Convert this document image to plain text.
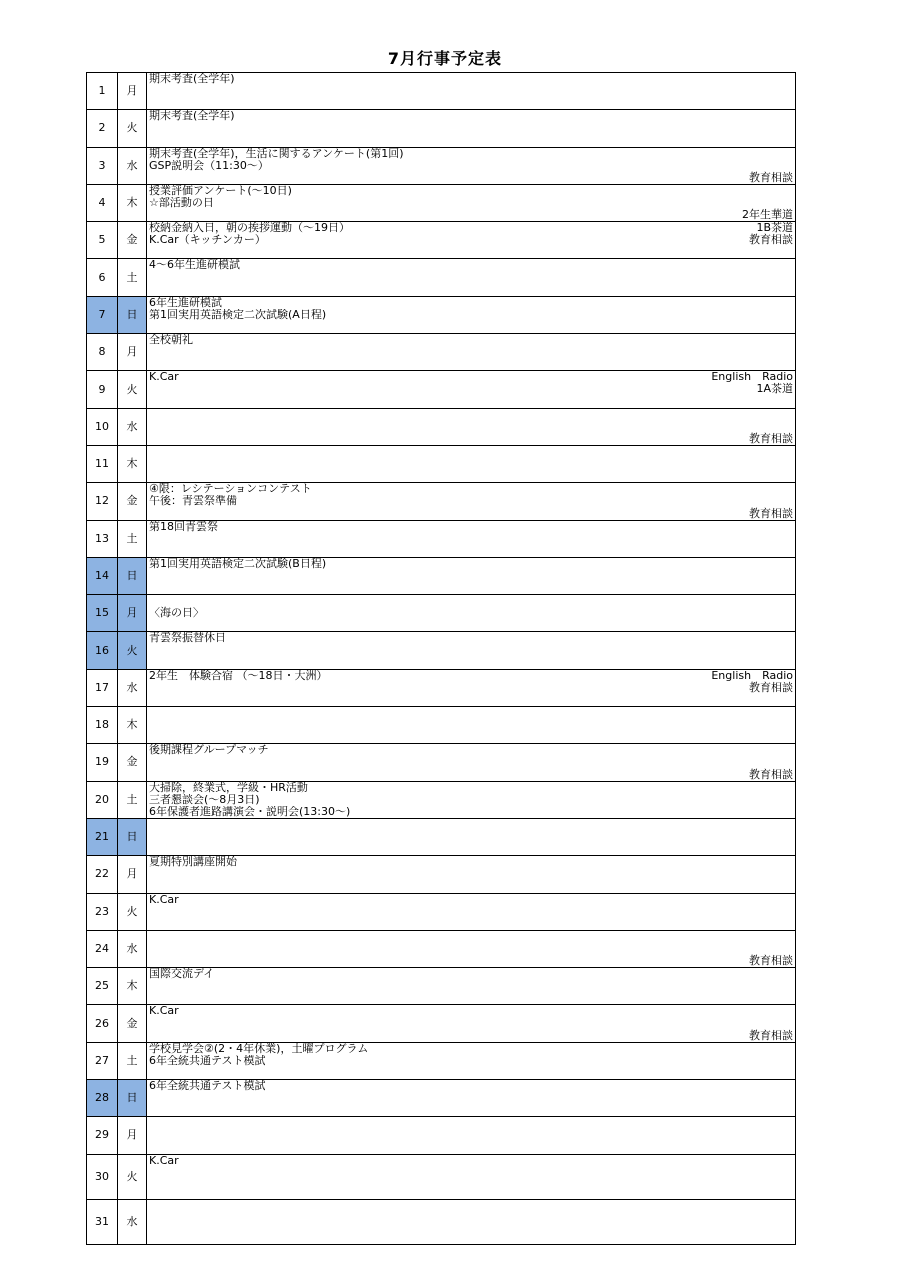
7月行事予定表
1	月	期末考査(全学年)

2	火	期末考査(全学年)

3	水	期末考査(全学年)，生活に関するアンケート(第1回)
GSP説明会（11:30～）
教育相談

4	木	授業評価アンケート(～10日)
☆部活動の日
2年生華道

5	金	校納金納入日，朝の挨拶運動（～19日）
K.Car（キッチンカー）
1B茶道
教育相談

6	土	4～6年生進研模試

7	日	6年生進研模試
第1回実用英語検定二次試験(A日程)

8	月	全校朝礼

9	火	K.Car English　Radio
1A茶道

10	水	教育相談

11	木	

12	金	④限：レシテーションコンテスト
午後：青雲祭準備
教育相談

13	土	第18回青雲祭

14	日	第1回実用英語検定二次試験(B日程)

15	月	〈海の日〉

16	火	青雲祭振替休日

17	水	2年生　体験合宿 （～18日・大洲） English　Radio
教育相談

18	木	

19	金	後期課程グループマッチ
教育相談

20	土	大掃除，終業式，学級・HR活動
三者懇談会(～8月3日)
6年保護者進路講演会・説明会(13:30～)

21	日	

22	月	夏期特別講座開始

23	火	K.Car

24	水	教育相談

25	木	国際交流デイ

26	金	K.Car
教育相談

27	土	学校見学会②(2・4年休業)，土曜プログラム
6年全統共通テスト模試

28	日	6年全統共通テスト模試

29	月	

30	火	K.Car

31	水	
